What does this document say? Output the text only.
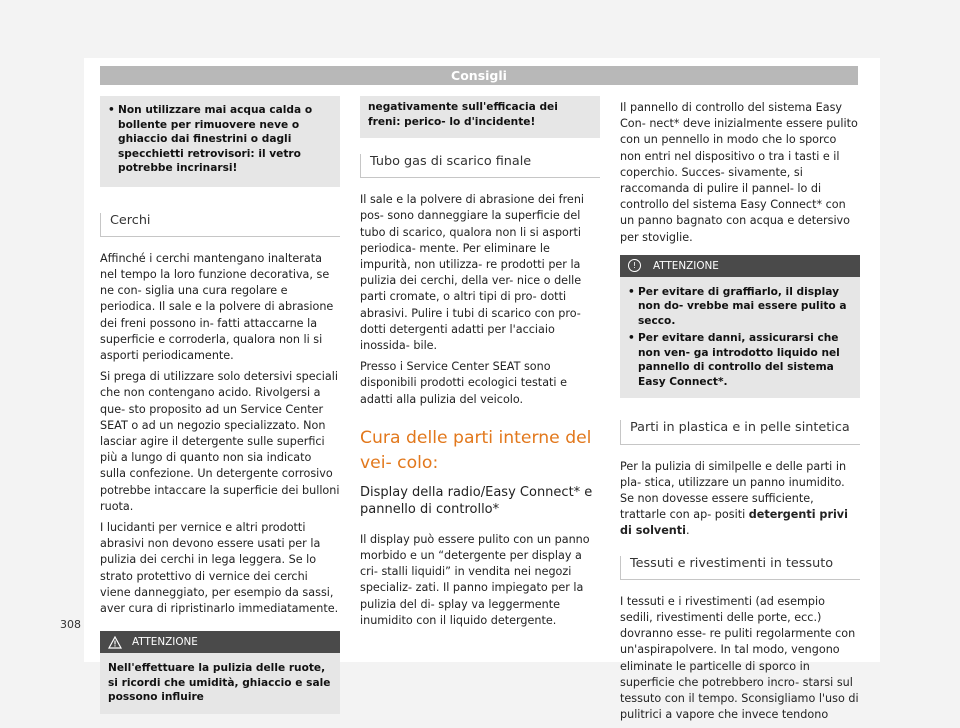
Consigli
• Non utilizzare mai acqua calda o bollente per rimuovere neve o ghiaccio dai finestrini o dagli specchietti retrovisori: il vetro potrebbe incrinarsi!
Cerchi

Affinché i cerchi mantengano inalterata nel tempo la loro funzione decorativa, se ne con- siglia una cura regolare e periodica. Il sale e la polvere di abrasione dei freni possono in- fatti attaccarne la superficie e corroderla, qualora non li si asporti periodicamente.

Si prega di utilizzare solo detersivi speciali che non contengano acido. Rivolgersi a que- sto proposito ad un Service Center SEAT o ad un negozio specializzato. Non lasciar agire il detergente sulle superfici più a lungo di quanto non sia indicato sulla confezione. Un detergente corrosivo potrebbe intaccare la superficie dei bulloni ruota.

I lucidanti per vernice e altri prodotti abrasivi non devono essere usati per la pulizia dei cerchi in lega leggera. Se lo strato protettivo di vernice dei cerchi viene danneggiato, per esempio da sassi, aver cura di ripristinarlo immediatamente.

ATTENZIONE
Nell'effettuare la pulizia delle ruote, si ricordi che umidità, ghiaccio e sale possono influire
negativamente sull'efficacia dei freni: perico- lo d'incidente!
Tubo gas di scarico finale

Il sale e la polvere di abrasione dei freni pos- sono danneggiare la superficie del tubo di scarico, qualora non li si asporti periodica- mente. Per eliminare le impurità, non utilizza- re prodotti per la pulizia dei cerchi, della ver- nice o delle parti cromate, o altri tipi di pro- dotti abrasivi. Pulire i tubi di scarico con pro- dotti detergenti adatti per l'acciaio inossida- bile.

Presso i Service Center SEAT sono disponibili prodotti ecologici testati e adatti alla pulizia del veicolo.

Cura delle parti interne del vei- colo:
Display della radio/Easy Connect* e pannello di controllo*

Il display può essere pulito con un panno morbido e un “detergente per display a cri- stalli liquidi” in vendita nei negozi specializ- zati. Il panno impiegato per la pulizia del di- splay va leggermente inumidito con il liquido detergente.

Il pannello di controllo del sistema Easy Con- nect* deve inizialmente essere pulito con un pennello in modo che lo sporco non entri nel dispositivo o tra i tasti e il coperchio. Succes- sivamente, si raccomanda di pulire il pannel- lo di controllo del sistema Easy Connect* con un panno bagnato con acqua e detersivo per stoviglie.

!	ATTENZIONE
• Per evitare di graffiarlo, il display non do- vrebbe mai essere pulito a secco.
• Per evitare danni, assicurarsi che non ven- ga introdotto liquido nel pannello di controllo del sistema Easy Connect*.
Parti in plastica e in pelle sintetica

Per la pulizia di similpelle e delle parti in pla- stica, utilizzare un panno inumidito. Se non dovesse essere sufficiente, trattarle con ap- positi detergenti privi di solventi.

Tessuti e rivestimenti in tessuto

I tessuti e i rivestimenti (ad esempio sedili, rivestimenti delle porte, ecc.) dovranno esse- re puliti regolarmente con un'aspirapolvere. In tal modo, vengono eliminate le particelle di sporco in superficie che potrebbero incro- starsi sul tessuto con il tempo. Sconsigliamo l'uso di pulitrici a vapore che invece tendono

308
